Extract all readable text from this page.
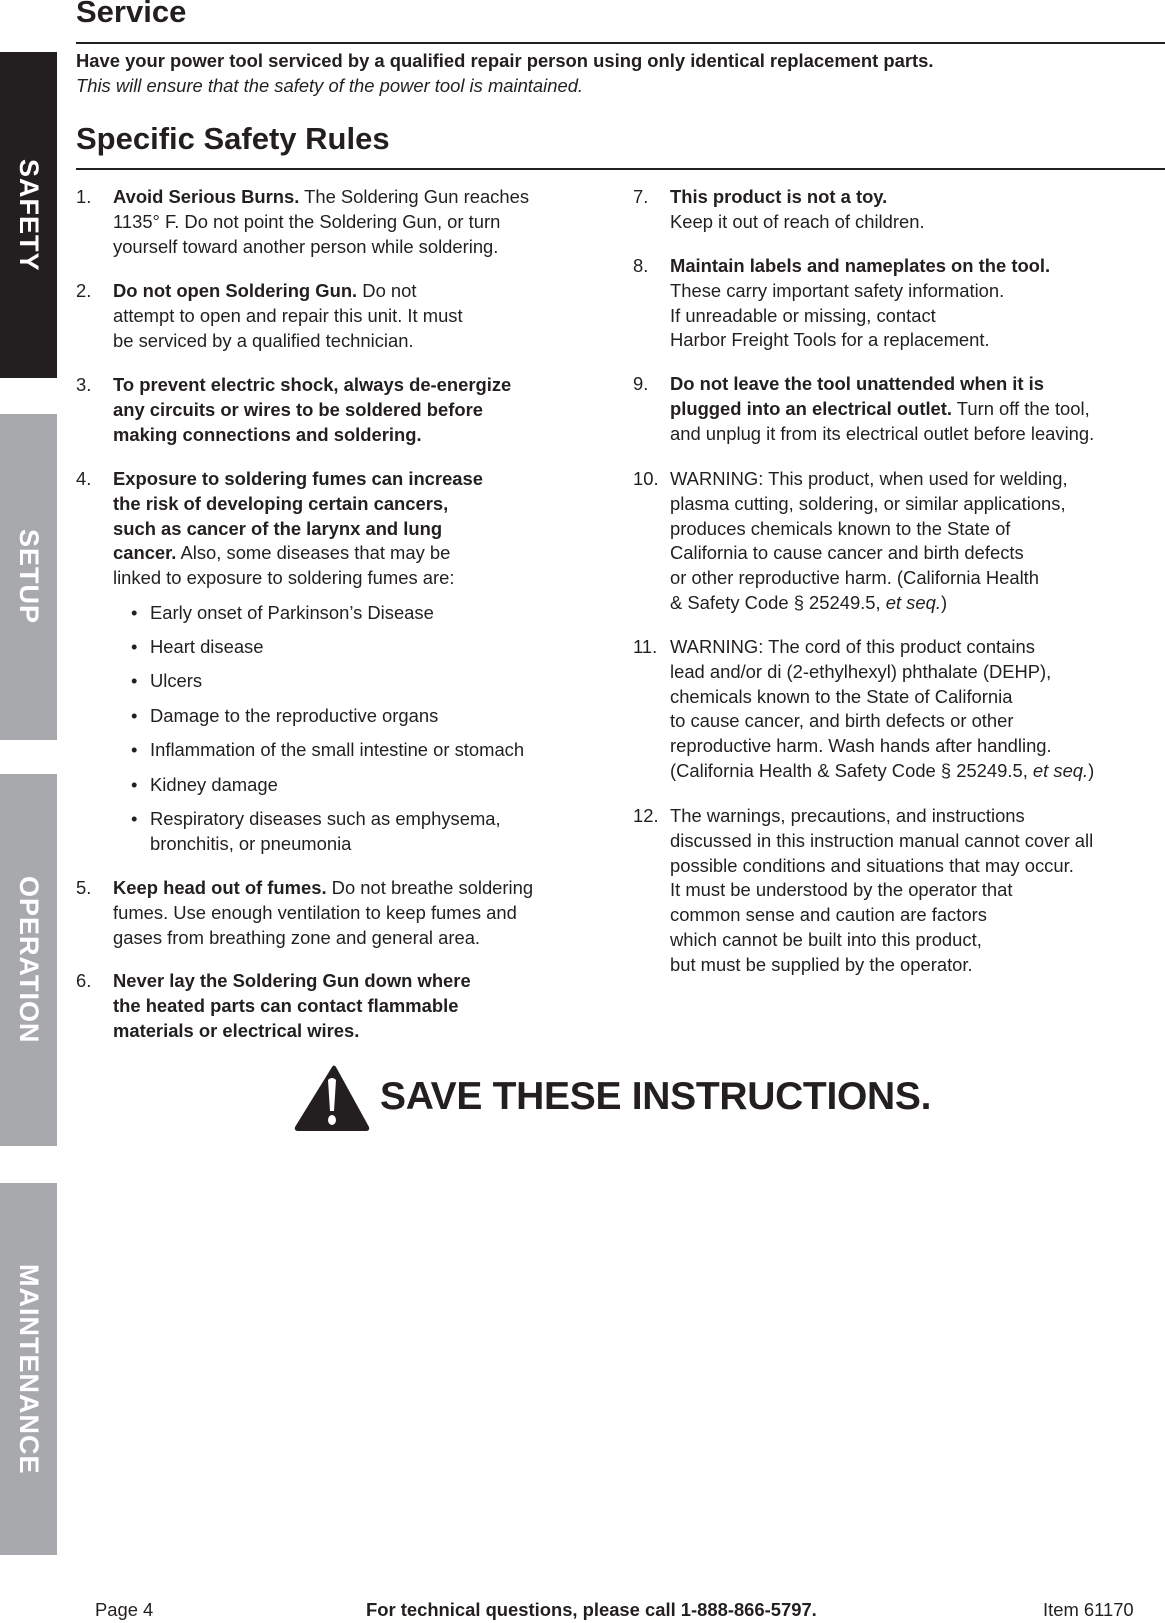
SAFETY
SETUP
OPERATION
MAINTENANCE
Service
Have your power tool serviced by a qualified repair person using only identical replacement parts.
This will ensure that the safety of the power tool is maintained.
Specific Safety Rules
1. Avoid Serious Burns. The Soldering Gun reaches
1135° F. Do not point the Soldering Gun, or turn
yourself toward another person while soldering.
2. Do not open Soldering Gun. Do not
attempt to open and repair this unit. It must
be serviced by a qualified technician.
3. To prevent electric shock, always de-energize
any circuits or wires to be soldered before
making connections and soldering.
4. Exposure to soldering fumes can increase
the risk of developing certain cancers,
such as cancer of the larynx and lung
cancer. Also, some diseases that may be
linked to exposure to soldering fumes are:
5. Keep head out of fumes. Do not breathe soldering
fumes. Use enough ventilation to keep fumes and
gases from breathing zone and general area.
6. Never lay the Soldering Gun down where
the heated parts can contact flammable
materials or electrical wires.
7. This product is not a toy.
Keep it out of reach of children.
8. Maintain labels and nameplates on the tool.
These carry important safety information.
If unreadable or missing, contact
Harbor Freight Tools for a replacement.
9. Do not leave the tool unattended when it is
plugged into an electrical outlet. Turn off the tool,
and unplug it from its electrical outlet before leaving.
10. WARNING: This product, when used for welding,
plasma cutting, soldering, or similar applications,
produces chemicals known to the State of
California to cause cancer and birth defects
or other reproductive harm. (California Health
& Safety Code § 25249.5, et seq.)
11. WARNING: The cord of this product contains
lead and/or di (2-ethylhexyl) phthalate (DEHP),
chemicals known to the State of California
to cause cancer, and birth defects or other
reproductive harm. Wash hands after handling.
(California Health & Safety Code § 25249.5, et seq.)
12. The warnings, precautions, and instructions
discussed in this instruction manual cannot cover all
possible conditions and situations that may occur.
It must be understood by the operator that
common sense and caution are factors
which cannot be built into this product,
but must be supplied by the operator.
• Early onset of Parkinson’s Disease
• Heart disease
• Ulcers
• Damage to the reproductive organs
• Inflammation of the small intestine or stomach
• Kidney damage
• Respiratory diseases such as emphysema,
bronchitis, or pneumonia
SAVE THESE INSTRUCTIONS.
Page 4	For technical questions, please call 1-888-866-5797.	Item 61170
